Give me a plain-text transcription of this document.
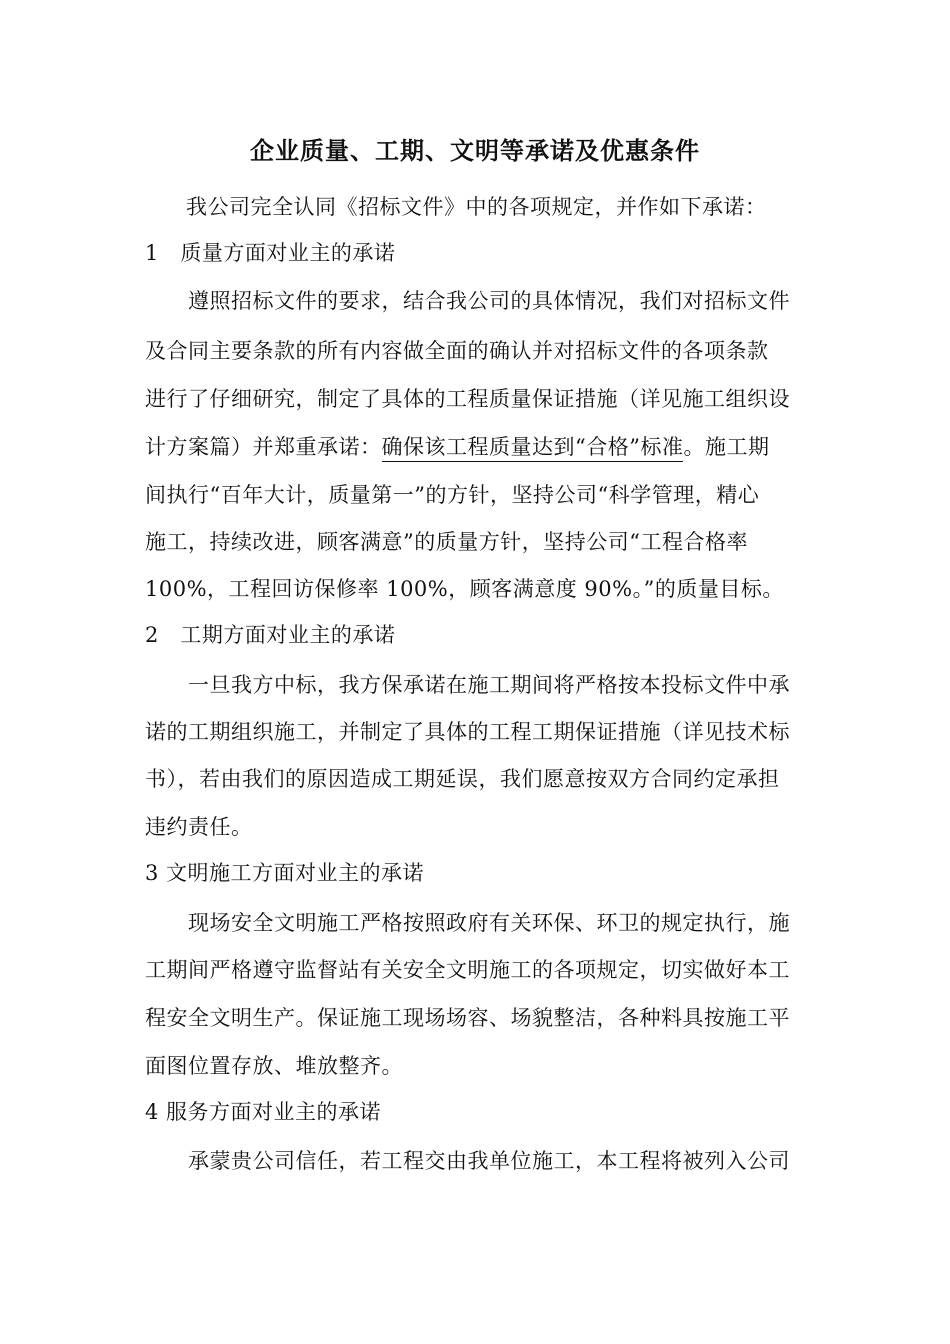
企业质量、工期、文明等承诺及优惠条件
我公司完全认同《招标文件》中的各项规定，并作如下承诺：
1　质量方面对业主的承诺
遵照招标文件的要求，结合我公司的具体情况，我们对招标文件
及合同主要条款的所有内容做全面的确认并对招标文件的各项条款
进行了仔细研究，制定了具体的工程质量保证措施（详见施工组织设
计方案篇）并郑重承诺：确保该工程质量达到“合格”标准。施工期
间执行“百年大计，质量第一”的方针，坚持公司“科学管理，精心
施工，持续改进，顾客满意”的质量方针，坚持公司“工程合格率
100%，工程回访保修率 100%，顾客满意度 90%。”的质量目标。
2　工期方面对业主的承诺
一旦我方中标，我方保承诺在施工期间将严格按本投标文件中承
诺的工期组织施工，并制定了具体的工程工期保证措施（详见技术标
书），若由我们的原因造成工期延误，我们愿意按双方合同约定承担
违约责任。
3 文明施工方面对业主的承诺
现场安全文明施工严格按照政府有关环保、环卫的规定执行，施
工期间严格遵守监督站有关安全文明施工的各项规定，切实做好本工
程安全文明生产。保证施工现场场容、场貌整洁，各种料具按施工平
面图位置存放、堆放整齐。
4 服务方面对业主的承诺
承蒙贵公司信任，若工程交由我单位施工，本工程将被列入公司
